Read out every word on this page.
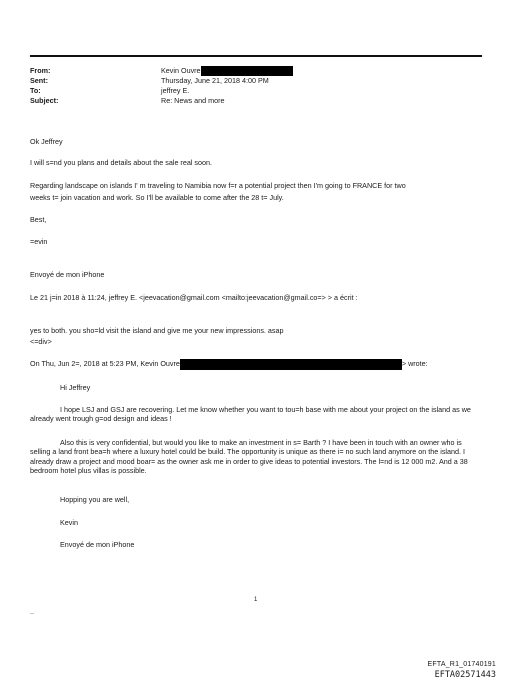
From:	Kevin Ouvre
Sent:	Thursday, June 21, 2018 4:00 PM
To:	jeffrey E.
Subject:	Re: News and more
Ok Jeffrey
I will s=nd you plans and details about the sale real soon.
Regarding landscape on islands I' m traveling to Namibia now f=r a potential project then I'm going to FRANCE for two
weeks t= join vacation and work. So I'll be available to come after the 28 t= July.
Best,
=evin
Envoyé de mon iPhone
Le 21 j=in 2018 à 11:24, jeffrey E. <jeevacation@gmail.com <mailto:jeevacation@gmail.co=> > a écrit :
yes to both. you sho=ld visit the island and give me your new impressions. asap
<=div>
On Thu, Jun 2=, 2018 at 5:23 PM, Kevin Ouvre	> wrote:
Hi Jeffrey
I hope LSJ and GSJ are recovering. Let me know whether you want to tou=h base with me about your project on the island as we already went trough g=od design and ideas !
Also this is very confidential, but would you like to make an investment in s= Barth ? I have been in touch with an owner who is selling a land front bea=h where a luxury hotel could be build. The opportunity is unique as there i= no such land anymore on the island. I already draw a project and mood boar= as the owner ask me in order to give ideas to potential investors. The l=nd is 12 000 m2. And a 38 bedroom hotel plus villas is possible.
Hopping you are well,
Kevin
Envoyé de mon iPhone
1
..
EFTA_R1_01740191
EFTA02571443
